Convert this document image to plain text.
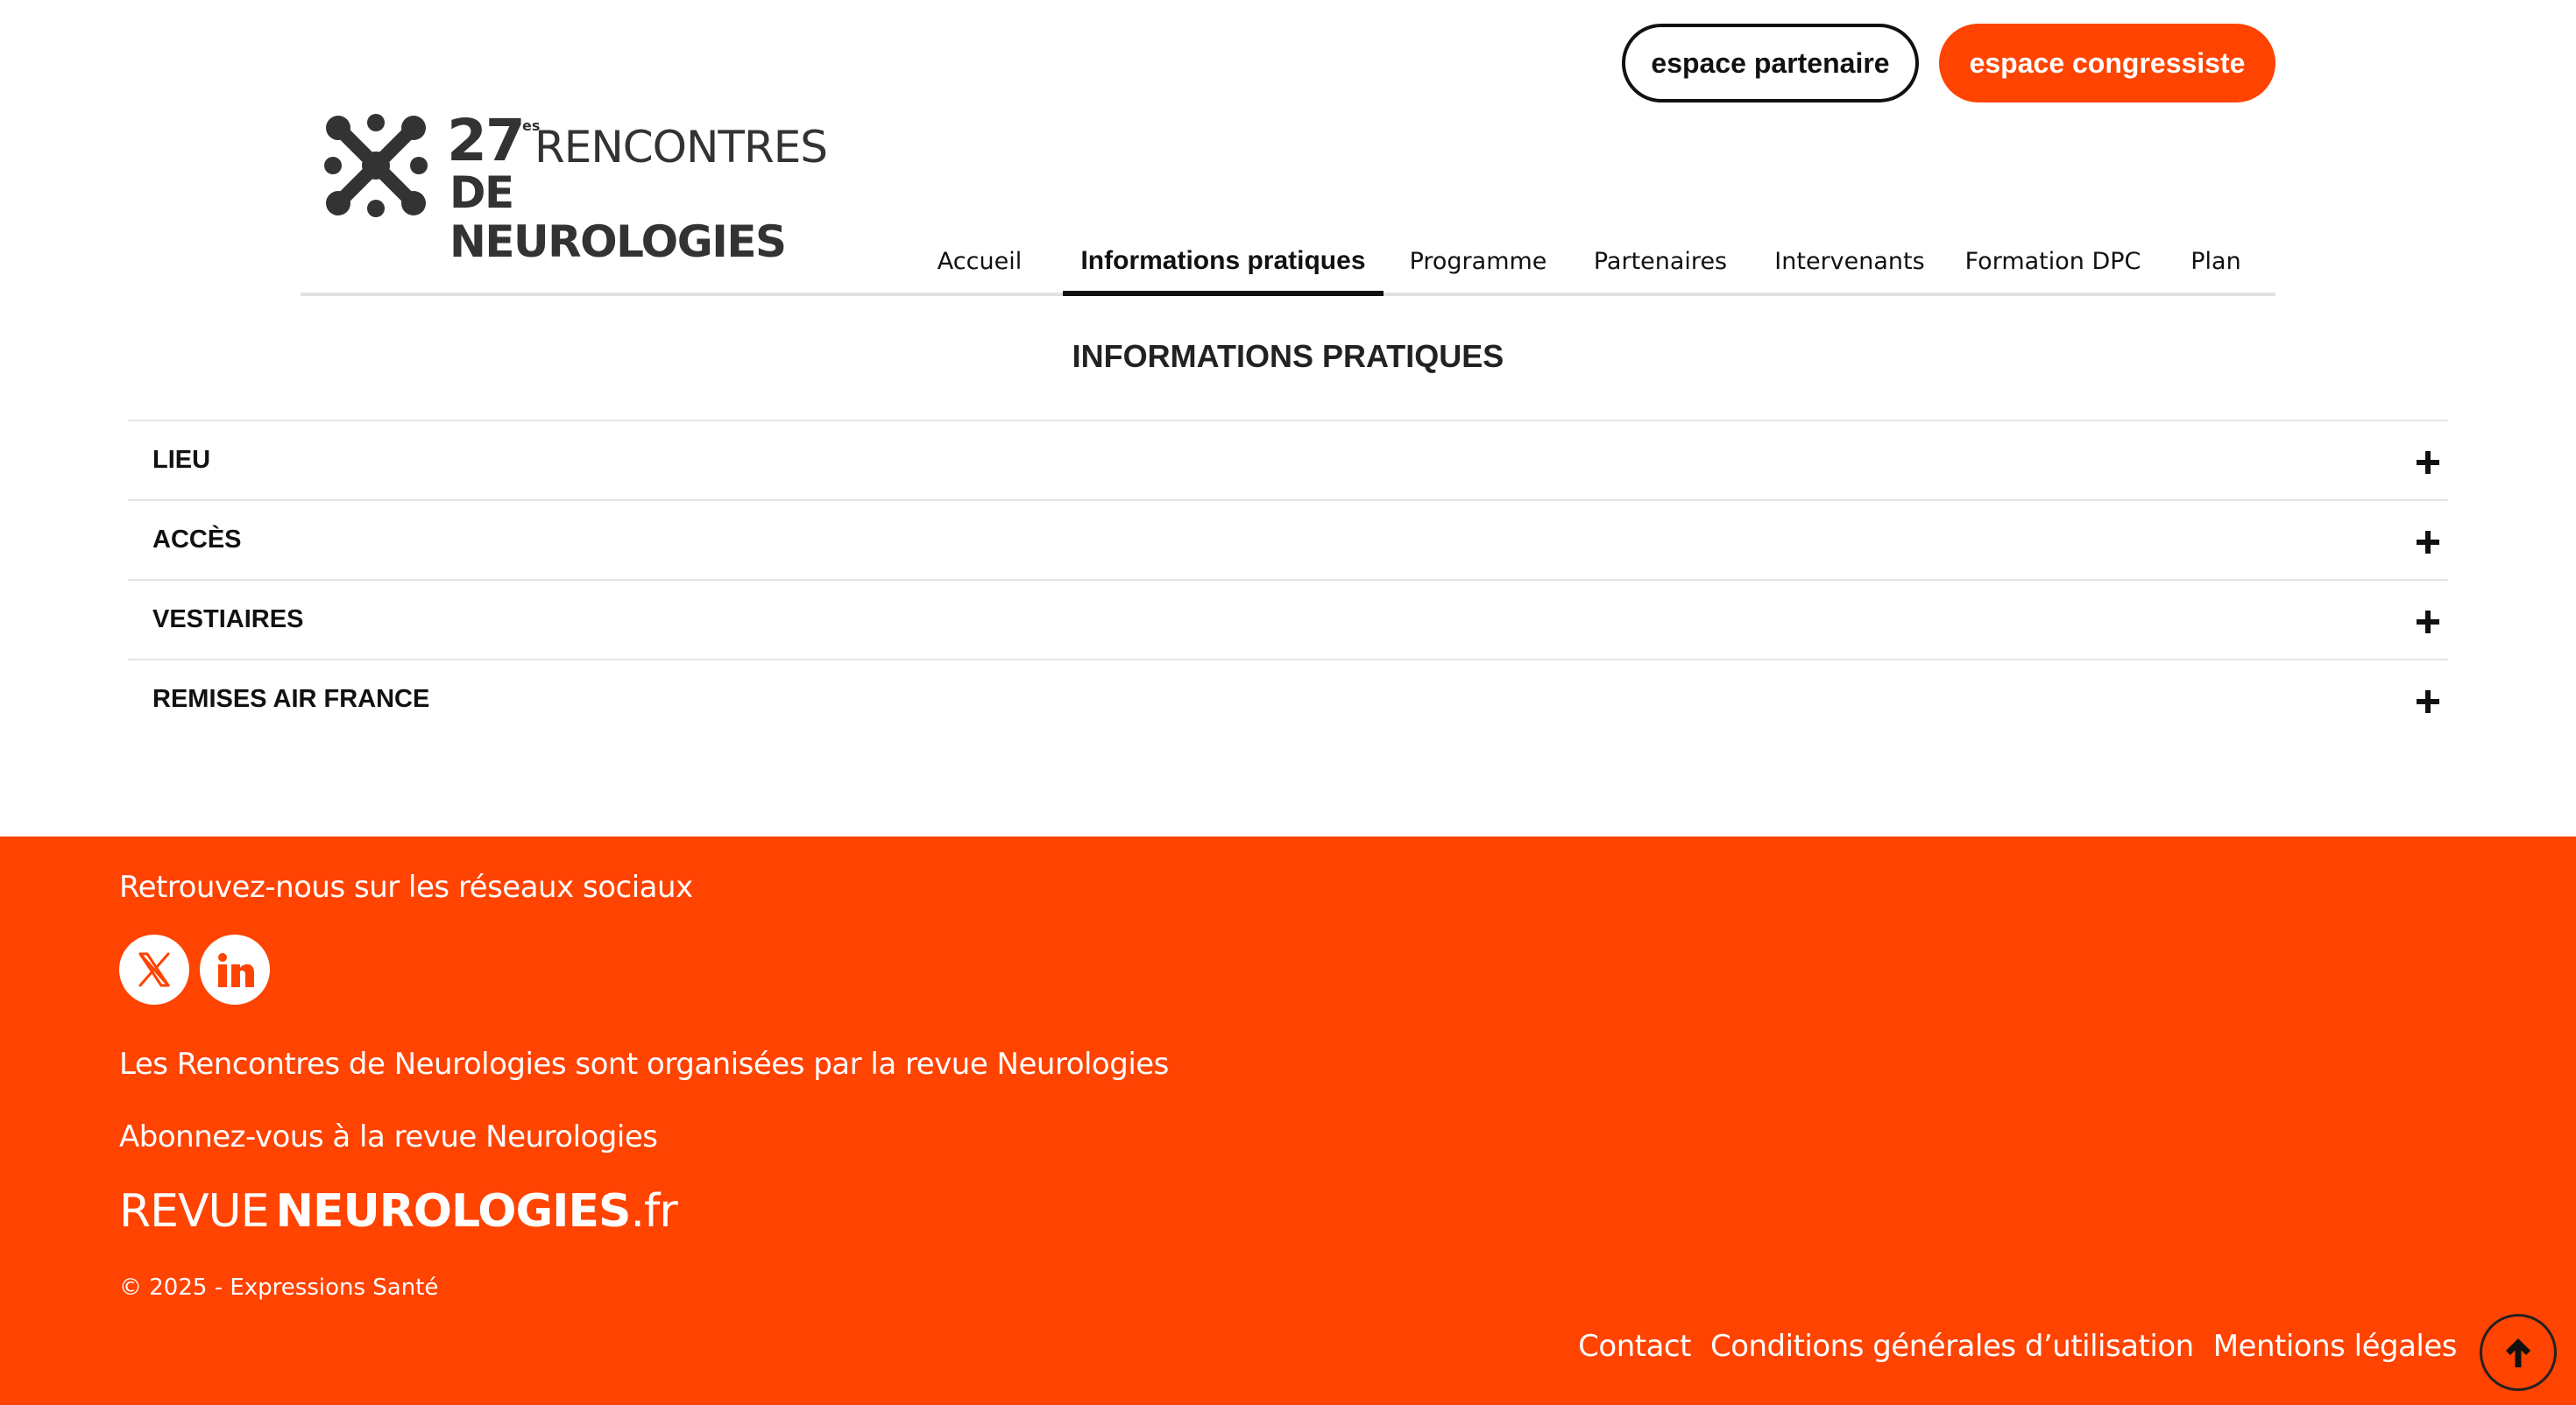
espace partenaire	espace congressiste
27
es
RENCONTRES
DE NEUROLOGIES	Accueil	Informations pratiques	Programme Partenaires Intervenants Formation DPC	Plan
INFORMATIONS PRATIQUES
LIEU
ACCÈS
VESTIAIRES
REMISES AIR FRANCE
Retrouvez-nous sur les réseaux sociaux
Les Rencontres de Neurologies sont organisées par la revue Neurologies
Abonnez-vous à la revue Neurologies
REVUE NEUROLOGIES.fr
© 2025 - Expressions Santé
Contact Conditions générales d’utilisation Mentions légales
